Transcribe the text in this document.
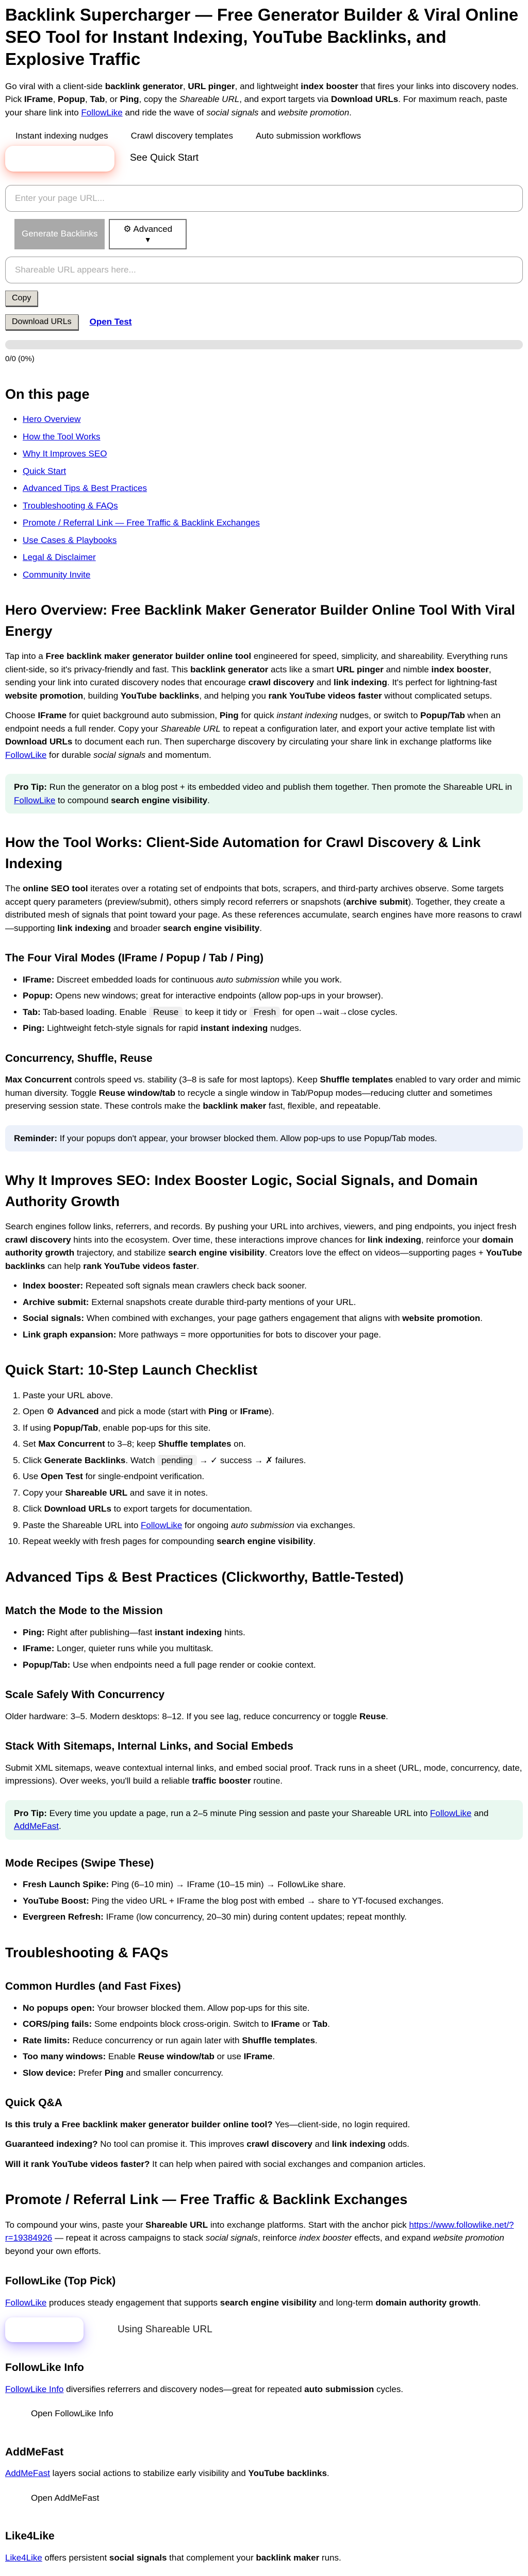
Backlink Supercharger — Free Generator Builder & Viral Online SEO Tool for Instant Indexing, YouTube Backlinks, and Explosive Traffic

Go viral with a client-side backlink generator, URL pinger, and lightweight index booster that fires your links into discovery nodes. Pick IFrame, Popup, Tab, or Ping, copy the Shareable URL, and export targets via Download URLs. For maximum reach, paste your share link into FollowLike and ride the wave of social signals and website promotion.

Instant indexing nudges	Crawl discovery templates	Auto submission workflows
See Quick Start
Enter your page URL...
Generate Backlinks
⚙ Advanced
▼
Shareable URL appears here...
Copy
Download URLs	Open Test
0/0 (0%)
On this page
• Hero Overview
• How the Tool Works
• Why It Improves SEO
• Quick Start
• Advanced Tips & Best Practices
• Troubleshooting & FAQs
• Promote / Referral Link — Free Traffic & Backlink Exchanges
• Use Cases & Playbooks
• Legal & Disclaimer
• Community Invite
Hero Overview: Free Backlink Maker Generator Builder Online Tool With Viral Energy

Tap into a Free backlink maker generator builder online tool engineered for speed, simplicity, and shareability. Everything runs client-side, so it's privacy-friendly and fast. This backlink generator acts like a smart URL pinger and nimble index booster, sending your link into curated discovery nodes that encourage crawl discovery and link indexing. It's perfect for lightning-fast website promotion, building YouTube backlinks, and helping you rank YouTube videos faster without complicated setups.

Choose IFrame for quiet background auto submission, Ping for quick instant indexing nudges, or switch to Popup/Tab when an endpoint needs a full render. Copy your Shareable URL to repeat a configuration later, and export your active template list with Download URLs to document each run. Then supercharge discovery by circulating your share link in exchange platforms like FollowLike for durable social signals and momentum.

Pro Tip: Run the generator on a blog post + its embedded video and publish them together. Then promote the Shareable URL in FollowLike to compound search engine visibility.
How the Tool Works: Client-Side Automation for Crawl Discovery & Link Indexing

The online SEO tool iterates over a rotating set of endpoints that bots, scrapers, and third-party archives observe. Some targets accept query parameters (preview/submit), others simply record referrers or snapshots (archive submit). Together, they create a distributed mesh of signals that point toward your page. As these references accumulate, search engines have more reasons to crawl—supporting link indexing and broader search engine visibility.

The Four Viral Modes (IFrame / Popup / Tab / Ping)
• IFrame: Discreet embedded loads for continuous auto submission while you work.
• Popup: Opens new windows; great for interactive endpoints (allow pop-ups in your browser).
• Tab: Tab-based loading. Enable Reuse to keep it tidy or Fresh for open→wait→close cycles.
• Ping: Lightweight fetch-style signals for rapid instant indexing nudges.
Concurrency, Shuffle, Reuse

Max Concurrent controls speed vs. stability (3–8 is safe for most laptops). Keep Shuffle templates enabled to vary order and mimic human diversity. Toggle Reuse window/tab to recycle a single window in Tab/Popup modes—reducing clutter and sometimes preserving session state. These controls make the backlink maker fast, flexible, and repeatable.

Reminder: If your popups don't appear, your browser blocked them. Allow pop-ups to use Popup/Tab modes.
Why It Improves SEO: Index Booster Logic, Social Signals, and Domain Authority Growth

Search engines follow links, referrers, and records. By pushing your URL into archives, viewers, and ping endpoints, you inject fresh crawl discovery hints into the ecosystem. Over time, these interactions improve chances for link indexing, reinforce your domain authority growth trajectory, and stabilize search engine visibility. Creators love the effect on videos—supporting pages + YouTube backlinks can help rank YouTube videos faster.

• Index booster: Repeated soft signals mean crawlers check back sooner.
• Archive submit: External snapshots create durable third-party mentions of your URL.
• Social signals: When combined with exchanges, your page gathers engagement that aligns with website promotion.
• Link graph expansion: More pathways = more opportunities for bots to discover your page.
Quick Start: 10-Step Launch Checklist
1. Paste your URL above.
2. Open ⚙ Advanced and pick a mode (start with Ping or IFrame).
3. If using Popup/Tab, enable pop-ups for this site.
4. Set Max Concurrent to 3–8; keep Shuffle templates on.
5. Click Generate Backlinks. Watch pending → ✓ success → ✗ failures.
6. Use Open Test for single-endpoint verification.
7. Copy your Shareable URL and save it in notes.
8. Click Download URLs to export targets for documentation.
9. Paste the Shareable URL into FollowLike for ongoing auto submission via exchanges.
10. Repeat weekly with fresh pages for compounding search engine visibility.
Advanced Tips & Best Practices (Clickworthy, Battle-Tested)
Match the Mode to the Mission
• Ping: Right after publishing—fast instant indexing hints.
• IFrame: Longer, quieter runs while you multitask.
• Popup/Tab: Use when endpoints need a full page render or cookie context.
Scale Safely With Concurrency

Older hardware: 3–5. Modern desktops: 8–12. If you see lag, reduce concurrency or toggle Reuse.

Stack With Sitemaps, Internal Links, and Social Embeds

Submit XML sitemaps, weave contextual internal links, and embed social proof. Track runs in a sheet (URL, mode, concurrency, date, impressions). Over weeks, you'll build a reliable traffic booster routine.

Pro Tip: Every time you update a page, run a 2–5 minute Ping session and paste your Shareable URL into FollowLike and AddMeFast.
Mode Recipes (Swipe These)
• Fresh Launch Spike: Ping (6–10 min) → IFrame (10–15 min) → FollowLike share.
• YouTube Boost: Ping the video URL + IFrame the blog post with embed → share to YT-focused exchanges.
• Evergreen Refresh: IFrame (low concurrency, 20–30 min) during content updates; repeat monthly.
Troubleshooting & FAQs
Common Hurdles (and Fast Fixes)
• No popups open: Your browser blocked them. Allow pop-ups for this site.
• CORS/ping fails: Some endpoints block cross-origin. Switch to IFrame or Tab.
• Rate limits: Reduce concurrency or run again later with Shuffle templates.
• Too many windows: Enable Reuse window/tab or use IFrame.
• Slow device: Prefer Ping and smaller concurrency.
Quick Q&A

Is this truly a Free backlink maker generator builder online tool? Yes—client-side, no login required.

Guaranteed indexing? No tool can promise it. This improves crawl discovery and link indexing odds.

Will it rank YouTube videos faster? It can help when paired with social exchanges and companion articles.

Promote / Referral Link — Free Traffic & Backlink Exchanges

To compound your wins, paste your Shareable URL into exchange platforms. Start with the anchor pick https://www.followlike.net/?r=19384926 — repeat it across campaigns to stack social signals, reinforce index booster effects, and expand website promotion beyond your own efforts.

FollowLike (Top Pick)

FollowLike produces steady engagement that supports search engine visibility and long-term domain authority growth.

Using Shareable URL
FollowLike Info

FollowLike Info diversifies referrers and discovery nodes—great for repeated auto submission cycles.

Open FollowLike Info
AddMeFast

AddMeFast layers social actions to stabilize early visibility and YouTube backlinks.

Open AddMeFast
Like4Like

Like4Like offers persistent social signals that complement your backlink maker runs.
